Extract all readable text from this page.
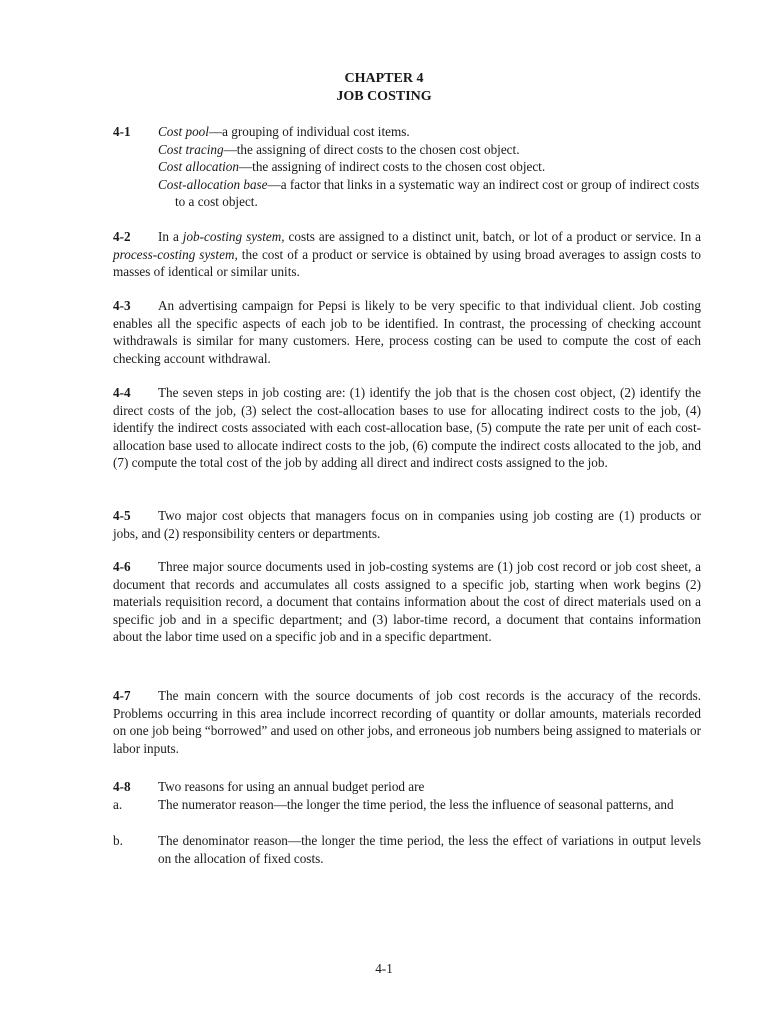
CHAPTER 4
JOB COSTING
4-1 Cost pool—a grouping of individual cost items.

Cost tracing—the assigning of direct costs to the chosen cost object.

Cost allocation—the assigning of indirect costs to the chosen cost object.

Cost-allocation base—a factor that links in a systematic way an indirect cost or group of indirect costs to a cost object.

4-2	In a job-costing system, costs are assigned to a distinct unit, batch, or lot of a product or service. In a process-costing system, the cost of a product or service is obtained by using broad averages to assign costs to masses of identical or similar units.

4-3	An advertising campaign for Pepsi is likely to be very specific to that individual client. Job costing enables all the specific aspects of each job to be identified. In contrast, the processing of checking account withdrawals is similar for many customers. Here, process costing can be used to compute the cost of each checking account withdrawal.

4-4	The seven steps in job costing are: (1) identify the job that is the chosen cost object, (2) identify the direct costs of the job, (3) select the cost-allocation bases to use for allocating indirect costs to the job, (4) identify the indirect costs associated with each cost-allocation base, (5) compute the rate per unit of each cost-allocation base used to allocate indirect costs to the job, (6) compute the indirect costs allocated to the job, and (7) compute the total cost of the job by adding all direct and indirect costs assigned to the job.

4-5	Two major cost objects that managers focus on in companies using job costing are (1) products or jobs, and (2) responsibility centers or departments.

4-6	Three major source documents used in job-costing systems are (1) job cost record or job cost sheet, a document that records and accumulates all costs assigned to a specific job, starting when work begins (2) materials requisition record, a document that contains information about the cost of direct materials used on a specific job and in a specific department; and (3) labor-time record, a document that contains information about the labor time used on a specific job and in a specific department.

4-7	The main concern with the source documents of job cost records is the accuracy of the records. Problems occurring in this area include incorrect recording of quantity or dollar amounts, materials recorded on one job being “borrowed” and used on other jobs, and erroneous job numbers being assigned to materials or labor inputs.

4-8	Two reasons for using an annual budget period are

a.	The numerator reason—the longer the time period, the less the influence of seasonal patterns, and

b.	The denominator reason—the longer the time period, the less the effect of variations in output levels on the allocation of fixed costs.

4-1
